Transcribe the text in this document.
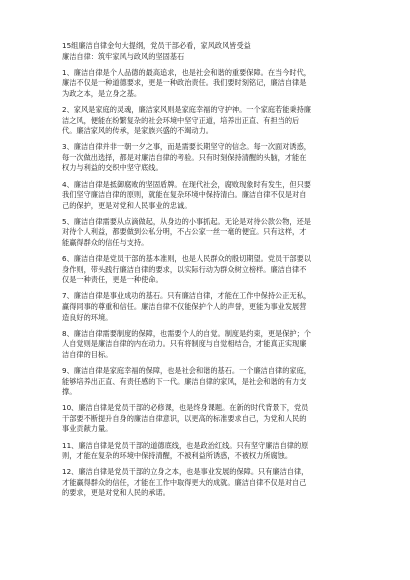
15组廉洁自律金句大提纲，党员干部必看，家风政风皆受益

廉洁自律：筑牢家风与政风的坚固基石

1、廉洁自律是个人品德的最高追求，也是社会和谐的重要保障。在当今时代，
廉洁不仅是一种道德要求，更是一种政治责任。我们要时刻铭记，廉洁自律是
为政之本，是立身之基。

2、家风是家庭的灵魂，廉洁家风则是家庭幸福的守护神。一个家庭若能秉持廉
洁之风，便能在纷繁复杂的社会环境中坚守正道，培养出正直、有担当的后
代。廉洁家风的传承，是家族兴盛的不竭动力。

3、廉洁自律并非一朝一夕之事，而是需要长期坚守的信念。每一次面对诱惑，
每一次做出选择，都是对廉洁自律的考验。只有时刻保持清醒的头脑，才能在
权力与利益的交织中坚守底线。

4、廉洁自律是抵御腐败的坚固盾牌。在现代社会，腐败现象时有发生，但只要
我们坚守廉洁自律的原则，就能在复杂环境中保持清白。廉洁自律不仅是对自
己的保护，更是对党和人民事业的忠诚。

5、廉洁自律需要从点滴做起，从身边的小事抓起。无论是对待公款公物，还是
对待个人利益，都要做到公私分明，不占公家一丝一毫的便宜。只有这样，才
能赢得群众的信任与支持。

6、廉洁自律是党员干部的基本准则，也是人民群众的殷切期望。党员干部要以
身作则，带头践行廉洁自律的要求，以实际行动为群众树立榜样。廉洁自律不
仅是一种责任，更是一种使命。

7、廉洁自律是事业成功的基石。只有廉洁自律，才能在工作中保持公正无私，
赢得同事的尊重和信任。廉洁自律不仅能保护个人的声誉，更能为事业发展营
造良好的环境。

8、廉洁自律需要制度的保障，也需要个人的自觉。制度是约束，更是保护；个
人自觉则是廉洁自律的内在动力。只有将制度与自觉相结合，才能真正实现廉
洁自律的目标。

9、廉洁自律是家庭幸福的保障，也是社会和谐的基石。一个廉洁自律的家庭，
能够培养出正直、有责任感的下一代。廉洁自律的家风，是社会和谐的有力支
撑。

10、廉洁自律是党员干部的必修课，也是终身课题。在新的时代背景下，党员
干部要不断提升自身的廉洁自律意识，以更高的标准要求自己，为党和人民的
事业贡献力量。

11、廉洁自律是党员干部的道德底线，也是政治红线。只有坚守廉洁自律的原
则，才能在复杂的环境中保持清醒，不被利益所诱惑，不被权力所腐蚀。

12、廉洁自律是党员干部的立身之本，也是事业发展的保障。只有廉洁自律，
才能赢得群众的信任，才能在工作中取得更大的成就。廉洁自律不仅是对自己
的要求，更是对党和人民的承诺。
